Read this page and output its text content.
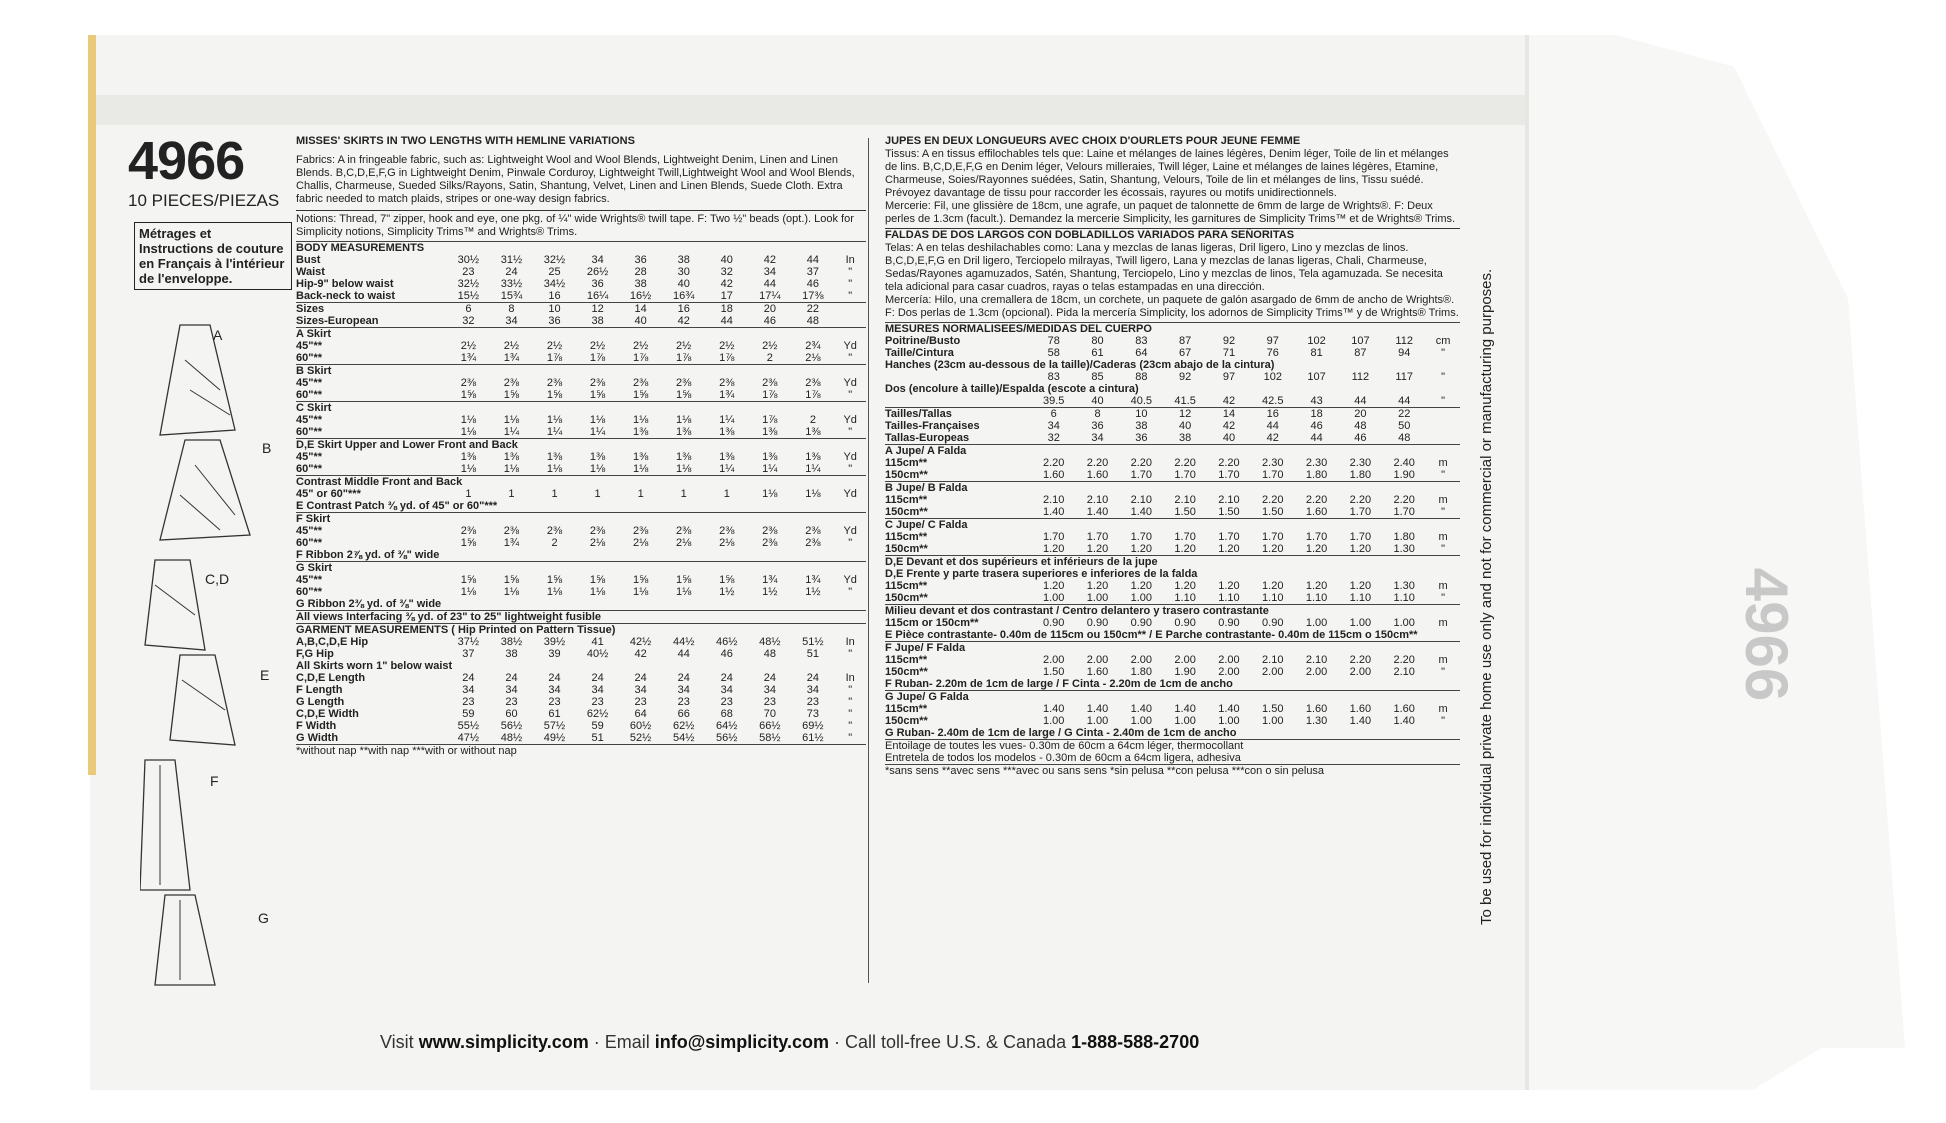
4966
4966
10 PIECES/PIEZAS
Métrages et Instructions de couture en Français à l'intérieur de l'enveloppe.
A
B
C,D
E
F
G
MISSES' SKIRTS IN TWO LENGTHS WITH HEMLINE VARIATIONS
Fabrics: A in fringeable fabric, such as: Lightweight Wool and Wool Blends, Lightweight Denim, Linen and Linen Blends. B,C,D,E,F,G in Lightweight Denim, Pinwale Corduroy, Lightweight Twill,Lightweight Wool and Wool Blends, Challis, Charmeuse, Sueded Silks/Rayons, Satin, Shantung, Velvet, Linen and Linen Blends, Suede Cloth. Extra fabric needed to match plaids, stripes or one-way design fabrics.
Notions: Thread, 7" zipper, hook and eye, one pkg. of ¼" wide Wrights® twill tape. F: Two ½" beads (opt.). Look for Simplicity notions, Simplicity Trims™ and Wrights® Trims.
BODY MEASUREMENTS										
Bust	30½	31½	32½	34	36	38	40	42	44	In
Waist	23	24	25	26½	28	30	32	34	37	"
Hip-9" below waist	32½	33½	34½	36	38	40	42	44	46	"
Back-neck to waist	15½	15¾	16	16¼	16½	16¾	17	17¼	17⅜	"
Sizes	6	8	10	12	14	16	18	20	22	
Sizes-European	32	34	36	38	40	42	44	46	48	
A Skirt										
45"**	2½	2½	2½	2½	2½	2½	2½	2½	2¾	Yd
60"**	1¾	1¾	1⅞	1⅞	1⅞	1⅞	1⅞	2	2⅛	"
B Skirt										
45"**	2⅜	2⅜	2⅜	2⅜	2⅜	2⅜	2⅜	2⅜	2⅜	Yd
60"**	1⅝	1⅝	1⅝	1⅝	1⅝	1⅝	1¾	1⅞	1⅞	"
C Skirt										
45"**	1⅛	1⅛	1⅛	1⅛	1⅛	1⅛	1¼	1⅞	2	Yd
60"**	1⅛	1¼	1¼	1¼	1⅜	1⅜	1⅜	1⅜	1⅜	"
D,E Skirt Upper and Lower Front and Back										
45"**	1⅜	1⅜	1⅜	1⅜	1⅜	1⅜	1⅜	1⅜	1⅜	Yd
60"**	1⅛	1⅛	1⅛	1⅛	1⅛	1⅛	1¼	1¼	1¼	"
Contrast Middle Front and Back										
45" or 60"***	1	1	1	1	1	1	1	1⅛	1⅛	Yd
E Contrast Patch ⅜ yd. of 45" or 60"***										
F Skirt										
45"**	2⅜	2⅜	2⅜	2⅜	2⅜	2⅜	2⅜	2⅜	2⅜	Yd
60"**	1⅝	1¾	2	2⅛	2⅛	2⅛	2⅛	2⅜	2⅜	"
F Ribbon 2⅞ yd. of ⅜" wide										
G Skirt										
45"**	1⅝	1⅝	1⅝	1⅝	1⅝	1⅝	1⅝	1¾	1¾	Yd
60"**	1⅛	1⅛	1⅛	1⅛	1⅛	1⅛	1½	1½	1½	"
G Ribbon 2⅜ yd. of ⅜" wide										
All views Interfacing ⅜ yd. of 23" to 25" lightweight fusible										
GARMENT MEASUREMENTS ( Hip Printed on Pattern Tissue)										
A,B,C,D,E Hip	37½	38½	39½	41	42½	44½	46½	48½	51½	In
F,G Hip	37	38	39	40½	42	44	46	48	51	"
All Skirts worn 1" below waist										
C,D,E Length	24	24	24	24	24	24	24	24	24	In
F Length	34	34	34	34	34	34	34	34	34	"
G Length	23	23	23	23	23	23	23	23	23	"
C,D,E Width	59	60	61	62½	64	66	68	70	73	"
F Width	55½	56½	57½	59	60½	62½	64½	66½	69½	"
G Width	47½	48½	49½	51	52½	54½	56½	58½	61½	"
*without nap **with nap ***with or without nap										
JUPES EN DEUX LONGUEURS AVEC CHOIX D'OURLETS POUR JEUNE FEMME
Tissus: A en tissus effilochables tels que: Laine et mélanges de laines légères, Denim léger, Toile de lin et mélanges de lins. B,C,D,E,F,G en Denim léger, Velours milleraies, Twill léger, Laine et mélanges de laines légères, Etamine, Charmeuse, Soies/Rayonnes suédées, Satin, Shantung, Velours, Toile de lin et mélanges de lins, Tissu suédé. Prévoyez davantage de tissu pour raccorder les écossais, rayures ou motifs unidirectionnels.
Mercerie: Fil, une glissière de 18cm, une agrafe, un paquet de talonnette de 6mm de large de Wrights®. F: Deux perles de 1.3cm (facult.). Demandez la mercerie Simplicity, les garnitures de Simplicity Trims™ et de Wrights® Trims.
FALDAS DE DOS LARGOS CON DOBLADILLOS VARIADOS PARA SEÑORITAS
Telas: A en telas deshilachables como: Lana y mezclas de lanas ligeras, Dril ligero, Lino y mezclas de linos. B,C,D,E,F,G en Dril ligero, Terciopelo milrayas, Twill ligero, Lana y mezclas de lanas ligeras, Chali, Charmeuse, Sedas/Rayones agamuzados, Satén, Shantung, Terciopelo, Lino y mezclas de linos, Tela agamuzada. Se necesita tela adicional para casar cuadros, rayas o telas estampadas en una dirección.
Mercería: Hilo, una cremallera de 18cm, un corchete, un paquete de galón asargado de 6mm de ancho de Wrights®. F: Dos perlas de 1.3cm (opcional). Pida la mercería Simplicity, los adornos de Simplicity Trims™ y de Wrights® Trims.
MESURES NORMALISEES/MEDIDAS DEL CUERPO										
Poitrine/Busto	78	80	83	87	92	97	102	107	112	cm
Taille/Cintura	58	61	64	67	71	76	81	87	94	"
Hanches (23cm au-dessous de la taille)/Caderas (23cm abajo de la cintura)										
	83	85	88	92	97	102	107	112	117	"
Dos (encolure à taille)/Espalda (escote a cintura)										
	39.5	40	40.5	41.5	42	42.5	43	44	44	"
Tailles/Tallas	6	8	10	12	14	16	18	20	22	
Tailles-Françaises	34	36	38	40	42	44	46	48	50	
Tallas-Europeas	32	34	36	38	40	42	44	46	48	
A Jupe/ A Falda										
115cm**	2.20	2.20	2.20	2.20	2.20	2.30	2.30	2.30	2.40	m
150cm**	1.60	1.60	1.70	1.70	1.70	1.70	1.80	1.80	1.90	"
B Jupe/ B Falda										
115cm**	2.10	2.10	2.10	2.10	2.10	2.20	2.20	2.20	2.20	m
150cm**	1.40	1.40	1.40	1.50	1.50	1.50	1.60	1.70	1.70	"
C Jupe/ C Falda										
115cm**	1.70	1.70	1.70	1.70	1.70	1.70	1.70	1.70	1.80	m
150cm**	1.20	1.20	1.20	1.20	1.20	1.20	1.20	1.20	1.30	"
D,E Devant et dos supérieurs et inférieurs de la jupe										
D,E Frente y parte trasera superiores e inferiores de la falda										
115cm**	1.20	1.20	1.20	1.20	1.20	1.20	1.20	1.20	1.30	m
150cm**	1.00	1.00	1.00	1.10	1.10	1.10	1.10	1.10	1.10	"
Milieu devant et dos contrastant / Centro delantero y trasero contrastante										
115cm or 150cm**	0.90	0.90	0.90	0.90	0.90	0.90	1.00	1.00	1.00	m
E Pièce contrastante- 0.40m de 115cm ou 150cm** / E Parche contrastante- 0.40m de 115cm o 150cm**										
F Jupe/ F Falda										
115cm**	2.00	2.00	2.00	2.00	2.00	2.10	2.10	2.20	2.20	m
150cm**	1.50	1.60	1.80	1.90	2.00	2.00	2.00	2.00	2.10	"
F Ruban- 2.20m de 1cm de large / F Cinta - 2.20m de 1cm de ancho										
G Jupe/ G Falda										
115cm**	1.40	1.40	1.40	1.40	1.40	1.50	1.60	1.60	1.60	m
150cm**	1.00	1.00	1.00	1.00	1.00	1.00	1.30	1.40	1.40	"
G Ruban- 2.40m de 1cm de large / G Cinta - 2.40m de 1cm de ancho										
Entoilage de toutes les vues- 0.30m de 60cm a 64cm léger, thermocollant										
Entretela de todos los modelos - 0.30m de 60cm a 64cm ligera, adhesiva										
*sans sens **avec sens ***avec ou sans sens *sin pelusa **con pelusa ***con o sin pelusa											To be used for individual private home use only and not for commercial or manufacturing purposes.
Visit www.simplicity.com · Email info@simplicity.com · Call toll-free U.S. & Canada 1-888-588-2700
